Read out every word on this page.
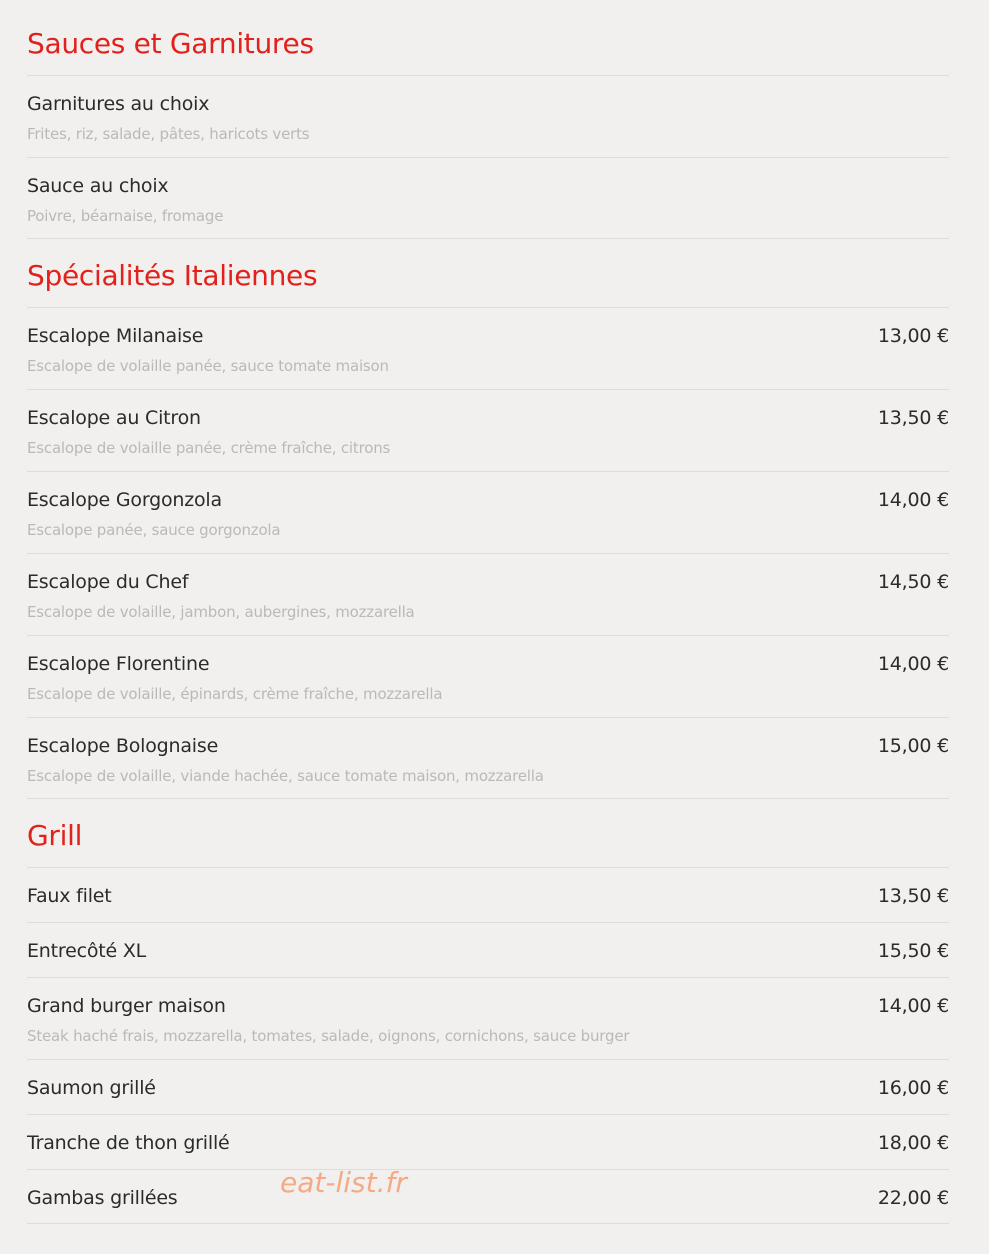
Sauces et Garnitures
Garnitures au choix
Frites, riz, salade, pâtes, haricots verts
Sauce au choix
Poivre, béarnaise, fromage
Spécialités Italiennes
Escalope Milanaise	13,00 €
Escalope de volaille panée, sauce tomate maison
Escalope au Citron	13,50 €
Escalope de volaille panée, crème fraîche, citrons
Escalope Gorgonzola	14,00 €
Escalope panée, sauce gorgonzola
Escalope du Chef	14,50 €
Escalope de volaille, jambon, aubergines, mozzarella
Escalope Florentine	14,00 €
Escalope de volaille, épinards, crème fraîche, mozzarella
Escalope Bolognaise	15,00 €
Escalope de volaille, viande hachée, sauce tomate maison, mozzarella
Grill
Faux filet	13,50 €
Entrecôté XL	15,50 €
Grand burger maison	14,00 €
Steak haché frais, mozzarella, tomates, salade, oignons, cornichons, sauce burger
Saumon grillé	16,00 €
Tranche de thon grillé	18,00 €
Gambas grillées	22,00 €
eat-list.fr
